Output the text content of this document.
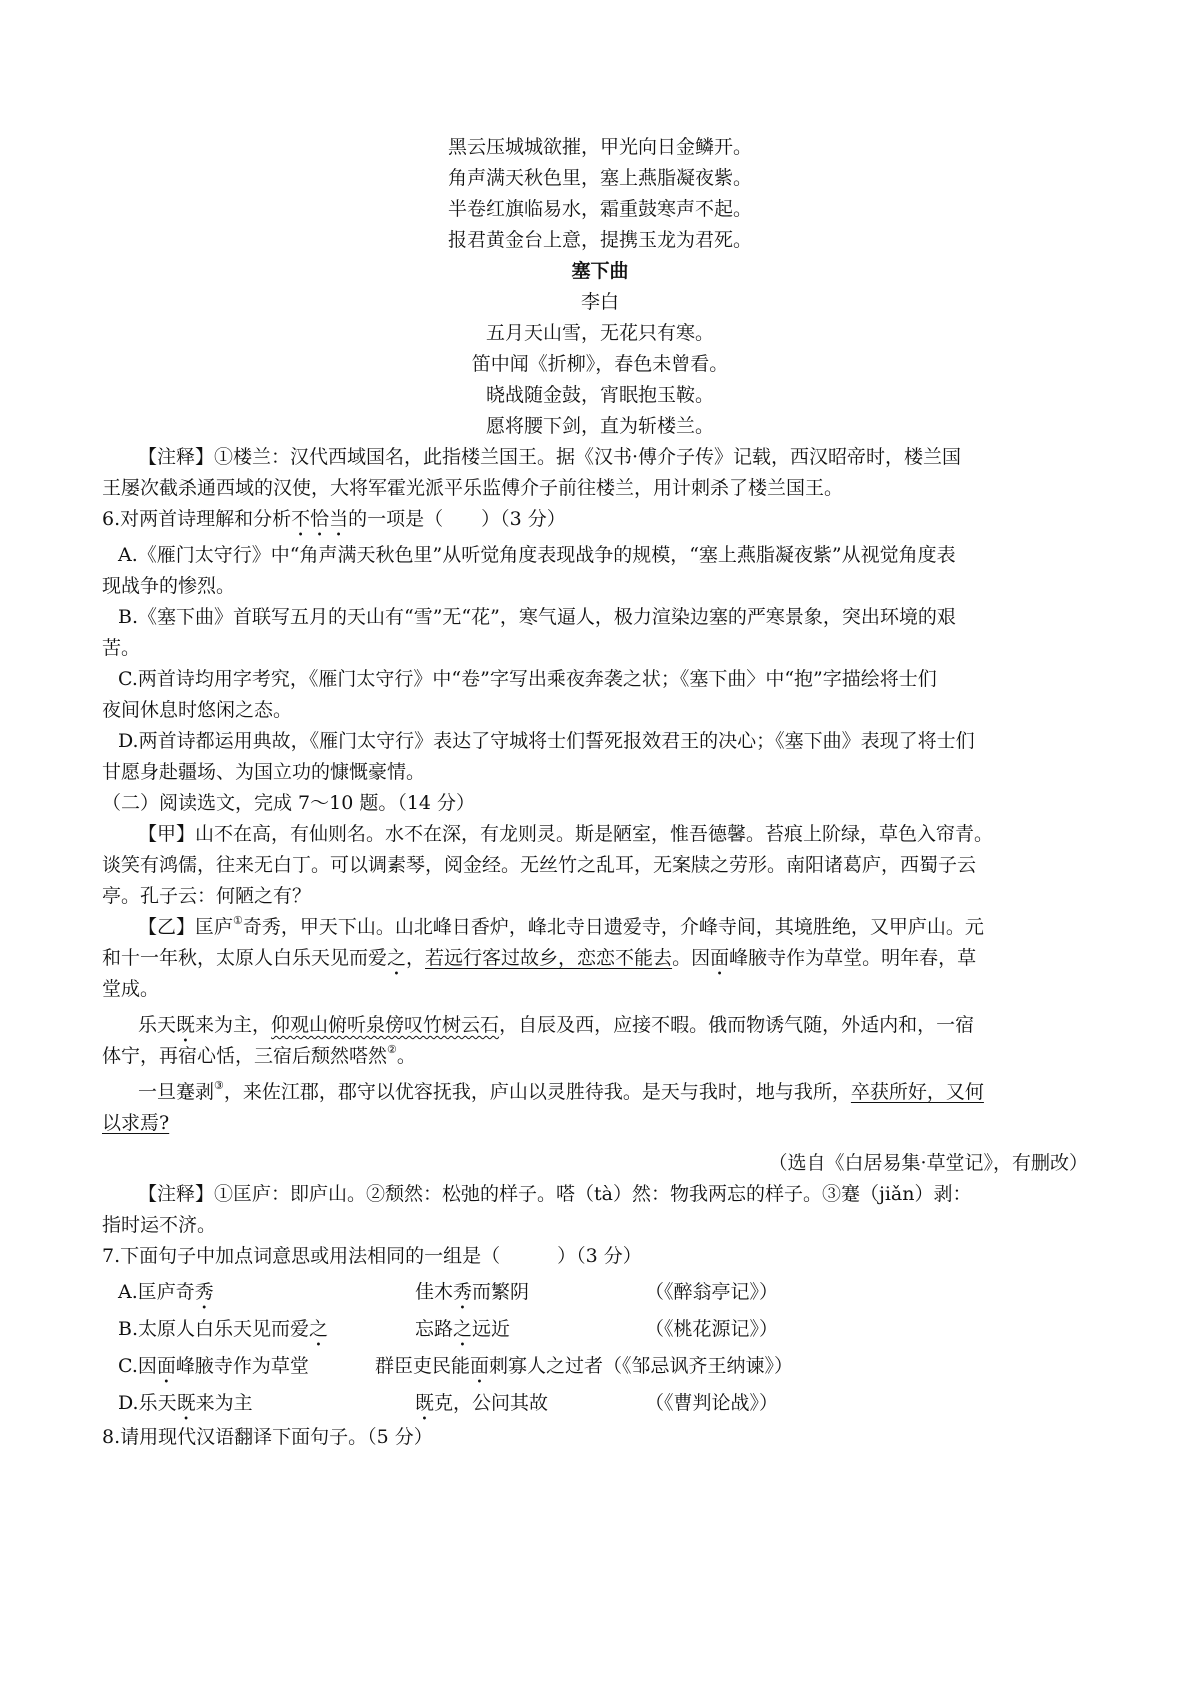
黑云压城城欲摧，甲光向日金鳞开。
角声满天秋色里，塞上燕脂凝夜紫。
半卷红旗临易水，霜重鼓寒声不起。
报君黄金台上意，提携玉龙为君死。
塞下曲
李白
五月天山雪，无花只有寒。
笛中闻《折柳》，春色未曾看。
晓战随金鼓，宵眠抱玉鞍。
愿将腰下剑，直为斩楼兰。
【注释】①楼兰：汉代西域国名，此指楼兰国王。据《汉书·傅介子传》记载，西汉昭帝时，楼兰国
王屡次截杀通西域的汉使，大将军霍光派平乐监傅介子前往楼兰，用计刺杀了楼兰国王。
6.对两首诗理解和分析不恰当的一项是（　　）（3 分）
A.《雁门太守行》中“角声满天秋色里”从听觉角度表现战争的规模，“塞上燕脂凝夜紫”从视觉角度表
现战争的惨烈。
B.《塞下曲》首联写五月的天山有“雪”无“花”，寒气逼人，极力渲染边塞的严寒景象，突出环境的艰
苦。
C.两首诗均用字考究，《雁门太守行》中“卷”字写出乘夜奔袭之状；《塞下曲〉中“抱”字描绘将士们
夜间休息时悠闲之态。
D.两首诗都运用典故，《雁门太守行》表达了守城将士们誓死报效君王的决心；《塞下曲》表现了将士们
甘愿身赴疆场、为国立功的慷慨豪情。
（二）阅读选文，完成 7～10 题。（14 分）
【甲】山不在高，有仙则名。水不在深，有龙则灵。斯是陋室，惟吾德馨。苔痕上阶绿，草色入帘青。
谈笑有鸿儒，往来无白丁。可以调素琴，阅金经。无丝竹之乱耳，无案牍之劳形。南阳诸葛庐，西蜀子云
亭。孔子云：何陋之有？
【乙】匡庐①奇秀，甲天下山。山北峰日香炉，峰北寺日遗爱寺，介峰寺间，其境胜绝，又甲庐山。元
和十一年秋，太原人白乐天见而爱之，若远行客过故乡，恋恋不能去。因面峰腋寺作为草堂。明年春，草
堂成。
乐天既来为主，仰观山俯听泉傍叹竹树云石，自辰及西，应接不暇。俄而物诱气随，外适内和，一宿
体宁，再宿心恬，三宿后颓然嗒然②。
一旦蹇剥③，来佐江郡，郡守以优容抚我，庐山以灵胜待我。是天与我时，地与我所，卒获所好，又何
以求焉?
（选自《白居易集·草堂记》，有删改）
【注释】①匡庐：即庐山。②颓然：松弛的样子。嗒（tà）然：物我两忘的样子。③蹇（jiǎn）剥：
指时运不济。
7.下面句子中加点词意思或用法相同的一组是（　　　）（3 分）
A.匡庐奇秀	佳木秀而繁阴	（《醉翁亭记》）
B.太原人白乐天见而爱之	忘路之远近	（《桃花源记》）
C.因面峰腋寺作为草堂	群臣吏民能面刺寡人之过者（《邹忌讽齐王纳谏》）
D.乐天既来为主	既克，公问其故	（《曹判论战》）
8.请用现代汉语翻译下面句子。（5 分）
